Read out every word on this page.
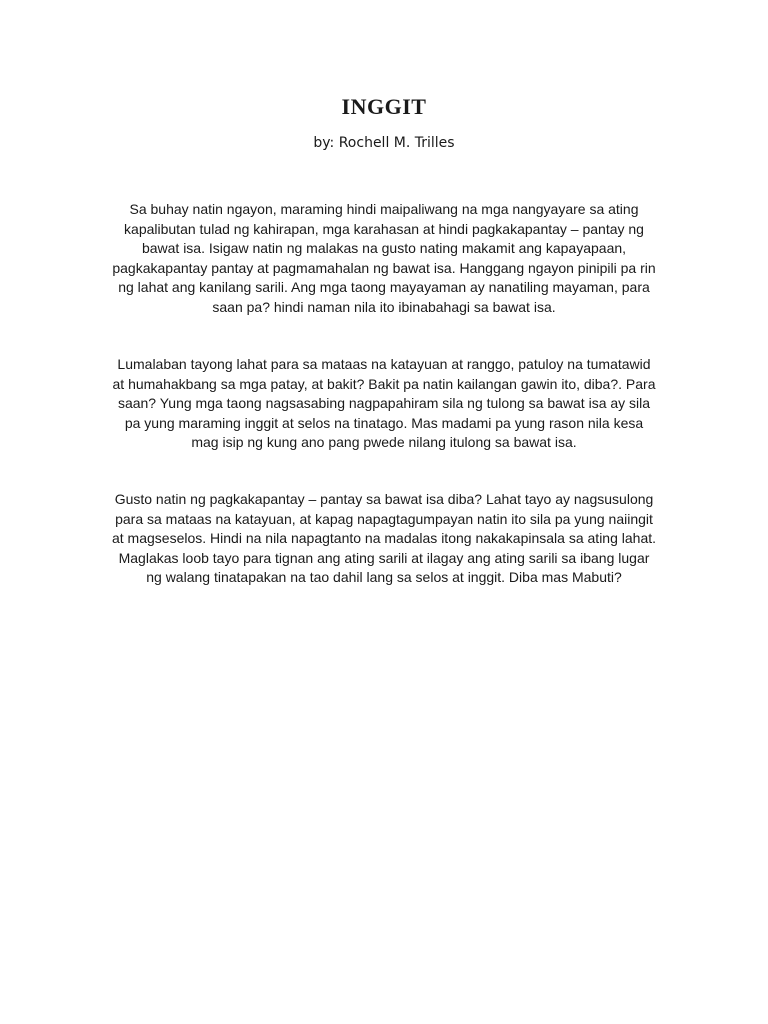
INGGIT

by: Rochell M. Trilles

Sa buhay natin ngayon, maraming hindi maipaliwang na mga nangyayare sa ating
kapalibutan tulad ng kahirapan, mga karahasan at hindi pagkakapantay – pantay ng
bawat isa. Isigaw natin ng malakas na gusto nating makamit ang kapayapaan,
pagkakapantay pantay at pagmamahalan ng bawat isa. Hanggang ngayon pinipili pa rin
ng lahat ang kanilang sarili. Ang mga taong mayayaman ay nanatiling mayaman, para
saan pa? hindi naman nila ito ibinabahagi sa bawat isa.

Lumalaban tayong lahat para sa mataas na katayuan at ranggo, patuloy na tumatawid
at humahakbang sa mga patay, at bakit? Bakit pa natin kailangan gawin ito, diba?. Para
saan? Yung mga taong nagsasabing nagpapahiram sila ng tulong sa bawat isa ay sila
pa yung maraming inggit at selos na tinatago. Mas madami pa yung rason nila kesa
mag isip ng kung ano pang pwede nilang itulong sa bawat isa.

Gusto natin ng pagkakapantay – pantay sa bawat isa diba? Lahat tayo ay nagsusulong
para sa mataas na katayuan, at kapag napagtagumpayan natin ito sila pa yung naiingit
at magseselos. Hindi na nila napagtanto na madalas itong nakakapinsala sa ating lahat.
Maglakas loob tayo para tignan ang ating sarili at ilagay ang ating sarili sa ibang lugar
ng walang tinatapakan na tao dahil lang sa selos at inggit. Diba mas Mabuti?
